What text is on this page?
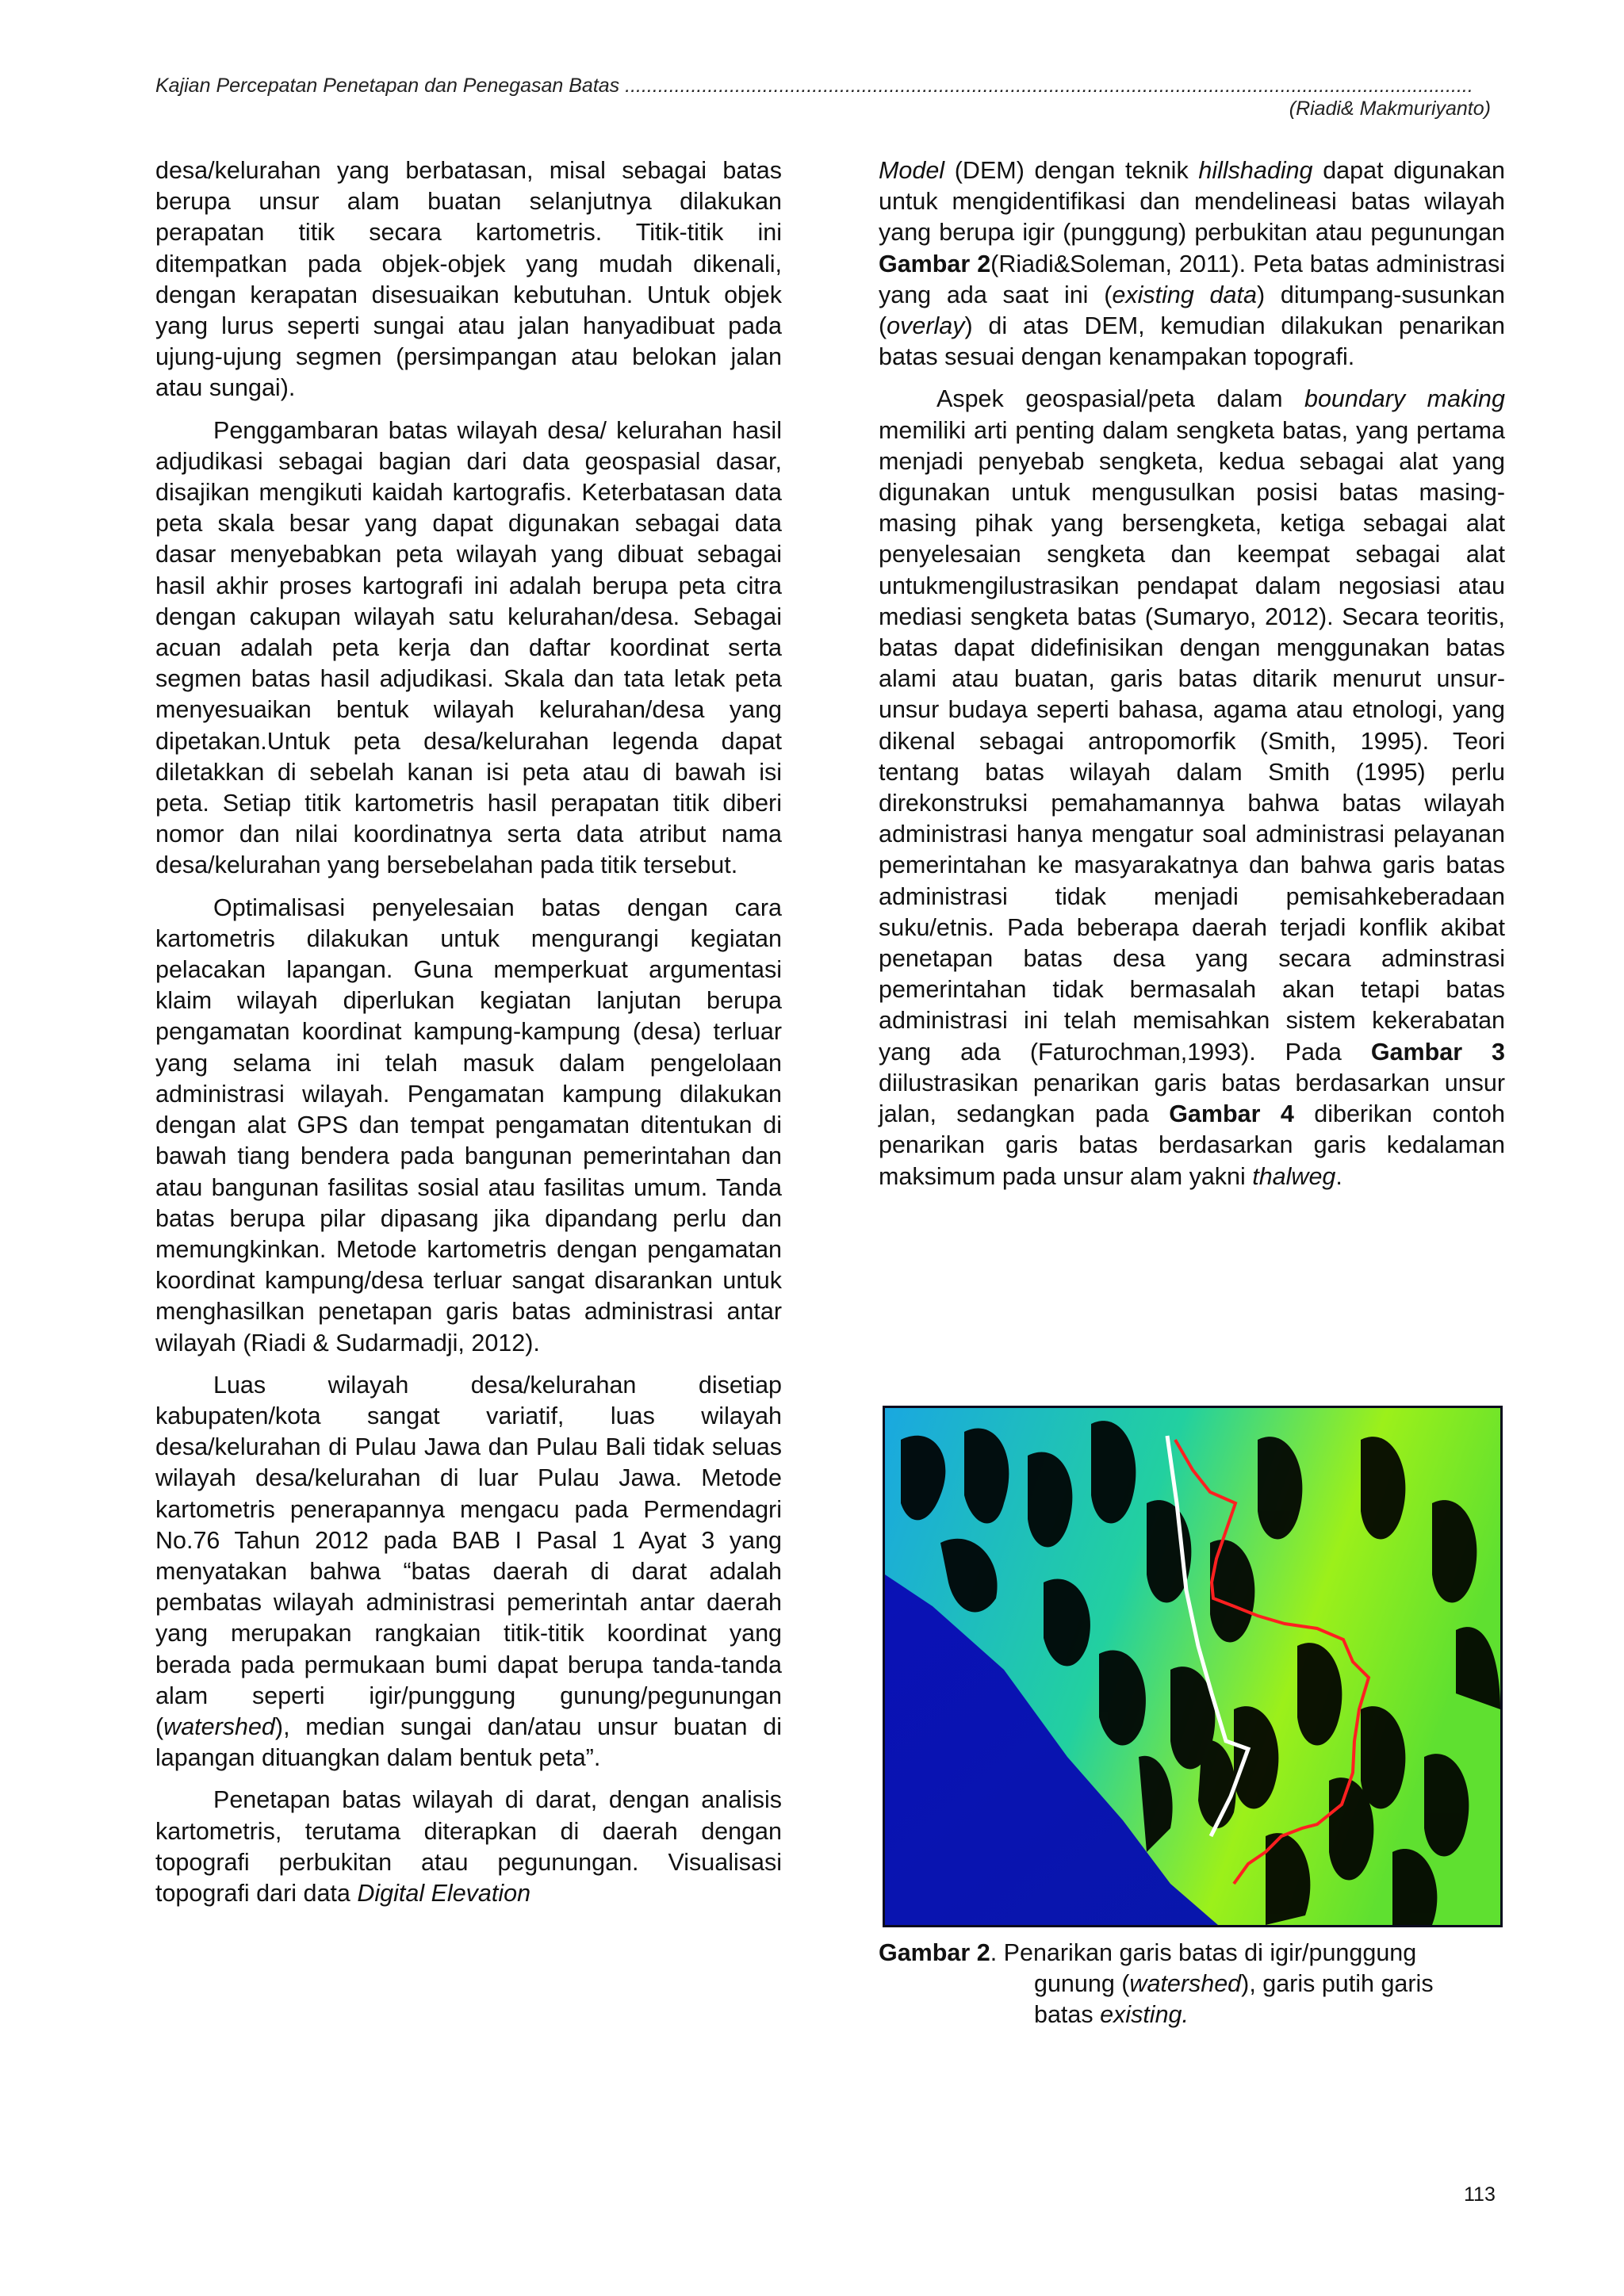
Kajian Percepatan Penetapan dan Penegasan Batas ..........................................................................................................................................................
(Riadi& Makmuriyanto)

desa/kelurahan yang berbatasan, misal sebagai batas berupa unsur alam buatan selanjutnya dilakukan perapatan titik secara kartometris. Titik-titik ini ditempatkan pada objek-objek yang mudah dikenali, dengan kerapatan disesuaikan kebutuhan. Untuk objek yang lurus seperti sungai atau jalan hanyadibuat pada ujung-ujung segmen (persimpangan atau belokan jalan atau sungai).

Penggambaran batas wilayah desa/ kelurahan hasil adjudikasi sebagai bagian dari data geospasial dasar, disajikan mengikuti kaidah kartografis. Keterbatasan data peta skala besar yang dapat digunakan sebagai data dasar menyebabkan peta wilayah yang dibuat sebagai hasil akhir proses kartografi ini adalah berupa peta citra dengan cakupan wilayah satu kelurahan/desa. Sebagai acuan adalah peta kerja dan daftar koordinat serta segmen batas hasil adjudikasi. Skala dan tata letak peta menyesuaikan bentuk wilayah kelurahan/desa yang dipetakan.Untuk peta desa/kelurahan legenda dapat diletakkan di sebelah kanan isi peta atau di bawah isi peta. Setiap titik kartometris hasil perapatan titik diberi nomor dan nilai koordinatnya serta data atribut nama desa/kelurahan yang bersebelahan pada titik tersebut.

Optimalisasi penyelesaian batas dengan cara kartometris dilakukan untuk mengurangi kegiatan pelacakan lapangan. Guna memperkuat argumentasi klaim wilayah diperlukan kegiatan lanjutan berupa pengamatan koordinat kampung-kampung (desa) terluar yang selama ini telah masuk dalam pengelolaan administrasi wilayah. Pengamatan kampung dilakukan dengan alat GPS dan tempat pengamatan ditentukan di bawah tiang bendera pada bangunan pemerintahan dan atau bangunan fasilitas sosial atau fasilitas umum. Tanda batas berupa pilar dipasang jika dipandang perlu dan memungkinkan. Metode kartometris dengan pengamatan koordinat kampung/desa terluar sangat disarankan untuk menghasilkan penetapan garis batas administrasi antar wilayah (Riadi & Sudarmadji, 2012).

Luas wilayah desa/kelurahan disetiap kabupaten/kota sangat variatif, luas wilayah desa/kelurahan di Pulau Jawa dan Pulau Bali tidak seluas wilayah desa/kelurahan di luar Pulau Jawa. Metode kartometris penerapannya mengacu pada Permendagri No.76 Tahun 2012 pada BAB I Pasal 1 Ayat 3 yang menyatakan bahwa “batas daerah di darat adalah pembatas wilayah administrasi pemerintah antar daerah yang merupakan rangkaian titik-titik koordinat yang berada pada permukaan bumi dapat berupa tanda-tanda alam seperti igir/punggung gunung/pegunungan (watershed), median sungai dan/atau unsur buatan di lapangan dituangkan dalam bentuk peta”.

Penetapan batas wilayah di darat, dengan analisis kartometris, terutama diterapkan di daerah dengan topografi perbukitan atau pegunungan. Visualisasi topografi dari data Digital Elevation

Model (DEM) dengan teknik hillshading dapat digunakan untuk mengidentifikasi dan mendelineasi batas wilayah yang berupa igir (punggung) perbukitan atau pegunungan Gambar 2(Riadi&Soleman, 2011). Peta batas administrasi yang ada saat ini (existing data) ditumpang-susunkan (overlay) di atas DEM, kemudian dilakukan penarikan batas sesuai dengan kenampakan topografi.

Aspek geospasial/peta dalam boundary making memiliki arti penting dalam sengketa batas, yang pertama menjadi penyebab sengketa, kedua sebagai alat yang digunakan untuk mengusulkan posisi batas masing-masing pihak yang bersengketa, ketiga sebagai alat penyelesaian sengketa dan keempat sebagai alat untukmengilustrasikan pendapat dalam negosiasi atau mediasi sengketa batas (Sumaryo, 2012). Secara teoritis, batas dapat didefinisikan dengan menggunakan batas alami atau buatan, garis batas ditarik menurut unsur-unsur budaya seperti bahasa, agama atau etnologi, yang dikenal sebagai antropomorfik (Smith, 1995). Teori tentang batas wilayah dalam Smith (1995) perlu direkonstruksi pemahamannya bahwa batas wilayah administrasi hanya mengatur soal administrasi pelayanan pemerintahan ke masyarakatnya dan bahwa garis batas administrasi tidak menjadi pemisahkeberadaan suku/etnis. Pada beberapa daerah terjadi konflik akibat penetapan batas desa yang secara adminstrasi pemerintahan tidak bermasalah akan tetapi batas administrasi ini telah memisahkan sistem kekerabatan yang ada (Faturochman,1993). Pada Gambar 3 diilustrasikan penarikan garis batas berdasarkan unsur jalan, sedangkan pada Gambar 4 diberikan contoh penarikan garis batas berdasarkan garis kedalaman maksimum pada unsur alam yakni thalweg.

Gambar 2. Penarikan garis batas di igir/punggung
gunung (watershed), garis putih garis
batas existing.
113
